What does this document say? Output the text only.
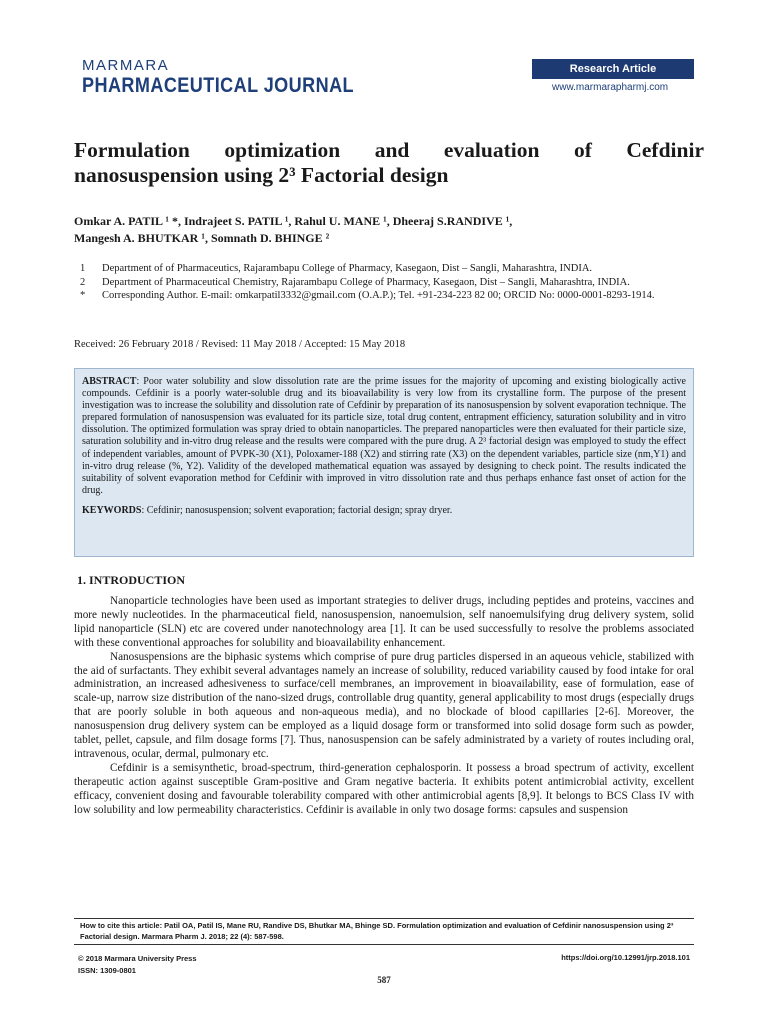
MARMARA
PHARMACEUTICAL JOURNAL
Research Article
www.marmarapharmj.com
Formulation optimization and evaluation of Cefdinir nanosuspension using 2³ Factorial design
Omkar A. PATIL ¹ *, Indrajeet S. PATIL ¹, Rahul U. MANE ¹, Dheeraj S.RANDIVE ¹,
Mangesh A. BHUTKAR ¹, Somnath D. BHINGE ²
1	Department of of Pharmaceutics, Rajarambapu College of Pharmacy, Kasegaon, Dist – Sangli, Maharashtra, INDIA.
2	Department of Pharmaceutical Chemistry, Rajarambapu College of Pharmacy, Kasegaon, Dist – Sangli, Maharashtra, INDIA.
*	Corresponding Author. E-mail: omkarpatil3332@gmail.com (O.A.P.); Tel. +91-234-223 82 00; ORCID No: 0000-0001-8293-1914.
Received: 26 February 2018 / Revised: 11 May 2018 / Accepted: 15 May 2018

ABSTRACT: Poor water solubility and slow dissolution rate are the prime issues for the majority of upcoming and existing biologically active compounds. Cefdinir is a poorly water-soluble drug and its bioavailability is very low from its crystalline form. The purpose of the present investigation was to increase the solubility and dissolution rate of Cefdinir by preparation of its nanosuspension by solvent evaporation technique. The prepared formulation of nanosuspension was evaluated for its particle size, total drug content, entrapment efficiency, saturation solubility and in vitro dissolution. The optimized formulation was spray dried to obtain nanoparticles. The prepared nanoparticles were then evaluated for their particle size, saturation solubility and in-vitro drug release and the results were compared with the pure drug. A 2³ factorial design was employed to study the effect of independent variables, amount of PVPK-30 (X1), Poloxamer-188 (X2) and stirring rate (X3) on the dependent variables, particle size (nm,Y1) and in-vitro drug release (%, Y2). Validity of the developed mathematical equation was assayed by designing to check point. The results indicated the suitability of solvent evaporation method for Cefdinir with improved in vitro dissolution rate and thus perhaps enhance fast onset of action for the drug.

KEYWORDS: Cefdinir; nanosuspension; solvent evaporation; factorial design; spray dryer.

1. INTRODUCTION

Nanoparticle technologies have been used as important strategies to deliver drugs, including peptides and proteins, vaccines and more newly nucleotides. In the pharmaceutical field, nanosuspension, nanoemulsion, self nanoemulsifying drug delivery system, solid lipid nanoparticle (SLN) etc are covered under nanotechnology area [1]. It can be used successfully to resolve the problems associated with these conventional approaches for solubility and bioavailability enhancement.

Nanosuspensions are the biphasic systems which comprise of pure drug particles dispersed in an aqueous vehicle, stabilized with the aid of surfactants. They exhibit several advantages namely an increase of solubility, reduced variability caused by food intake for oral administration, an increased adhesiveness to surface/cell membranes, an improvement in bioavailability, ease of formulation, ease of scale-up, narrow size distribution of the nano-sized drugs, controllable drug quantity, general applicability to most drugs (especially drugs that are poorly soluble in both aqueous and non-aqueous media), and no blockade of blood capillaries [2-6]. Moreover, the nanosuspension drug delivery system can be employed as a liquid dosage form or transformed into solid dosage form such as powder, tablet, pellet, capsule, and film dosage forms [7]. Thus, nanosuspension can be safely administrated by a variety of routes including oral, intravenous, ocular, dermal, pulmonary etc.

Cefdinir is a semisynthetic, broad-spectrum, third-generation cephalosporin. It possess a broad spectrum of activity, excellent therapeutic action against susceptible Gram-positive and Gram negative bacteria. It exhibits potent antimicrobial activity, excellent efficacy, convenient dosing and favourable tolerability compared with other antimicrobial agents [8,9]. It belongs to BCS Class IV with low solubility and low permeability characteristics. Cefdinir is available in only two dosage forms: capsules and suspension

How to cite this article: Patil OA, Patil IS, Mane RU, Randive DS, Bhutkar MA, Bhinge SD. Formulation optimization and evaluation of Cefdinir nanosuspension using 2³ Factorial design. Marmara Pharm J. 2018; 22 (4): 587-598.
© 2018 Marmara University Press
ISSN: 1309-0801
https://doi.org/10.12991/jrp.2018.101
587
